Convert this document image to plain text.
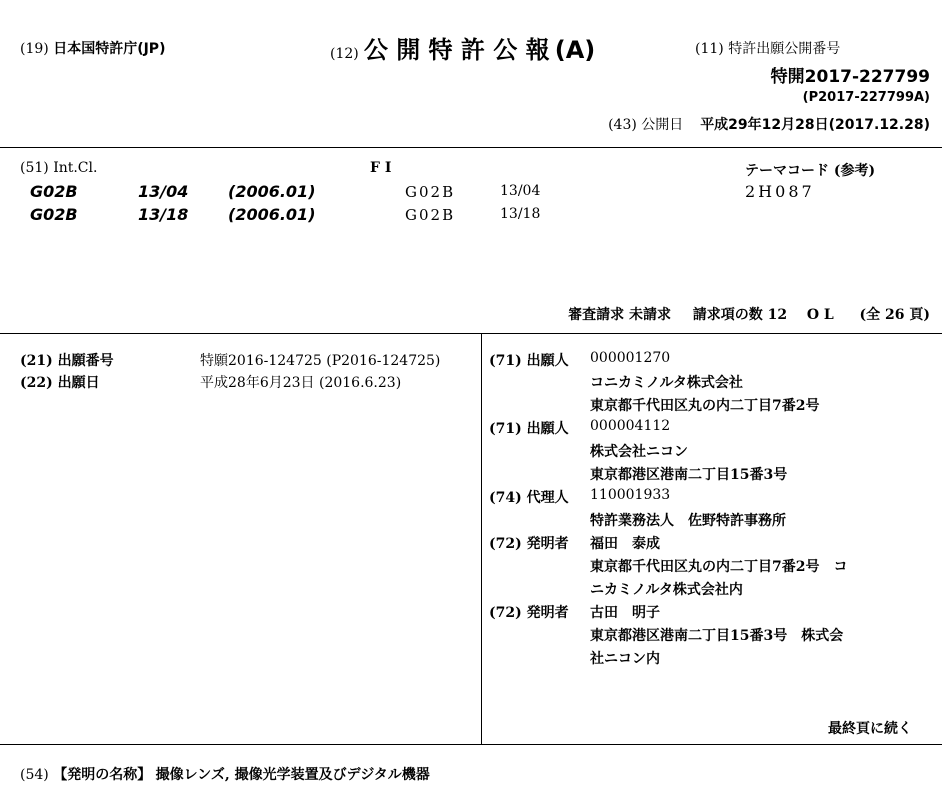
(19) 日本国特許庁(JP)	(12) 公 開 特 許 公 報 (A)	(11) 特許出願公開番号
特開2017-227799
(P2017-227799A)
(43) 公開日 平成29年12月28日(2017.12.28)
(51) Int.Cl.	F I	テーマコード (参考)
G02B	13/04 (2006.01)	G02B	13/04	2H087
G02B	13/18 (2006.01)	G02B	13/18
審査請求 未請求 請求項の数 12 O L (全 26 頁)
(21) 出願番号	特願2016-124725 (P2016-124725)
(22) 出願日	平成28年6月23日 (2016.6.23)
(71) 出願人 000001270
コニカミノルタ株式会社
東京都千代田区丸の内二丁目7番2号
(71) 出願人 000004112
株式会社ニコン
東京都港区港南二丁目15番3号
(74) 代理人 110001933
特許業務法人　佐野特許事務所
(72) 発明者 福田　泰成
東京都千代田区丸の内二丁目7番2号　コ
ニカミノルタ株式会社内
(72) 発明者 古田　明子
東京都港区港南二丁目15番3号　株式会
社ニコン内
最終頁に続く
(54) 【発明の名称】 撮像レンズ, 撮像光学装置及びデジタル機器
